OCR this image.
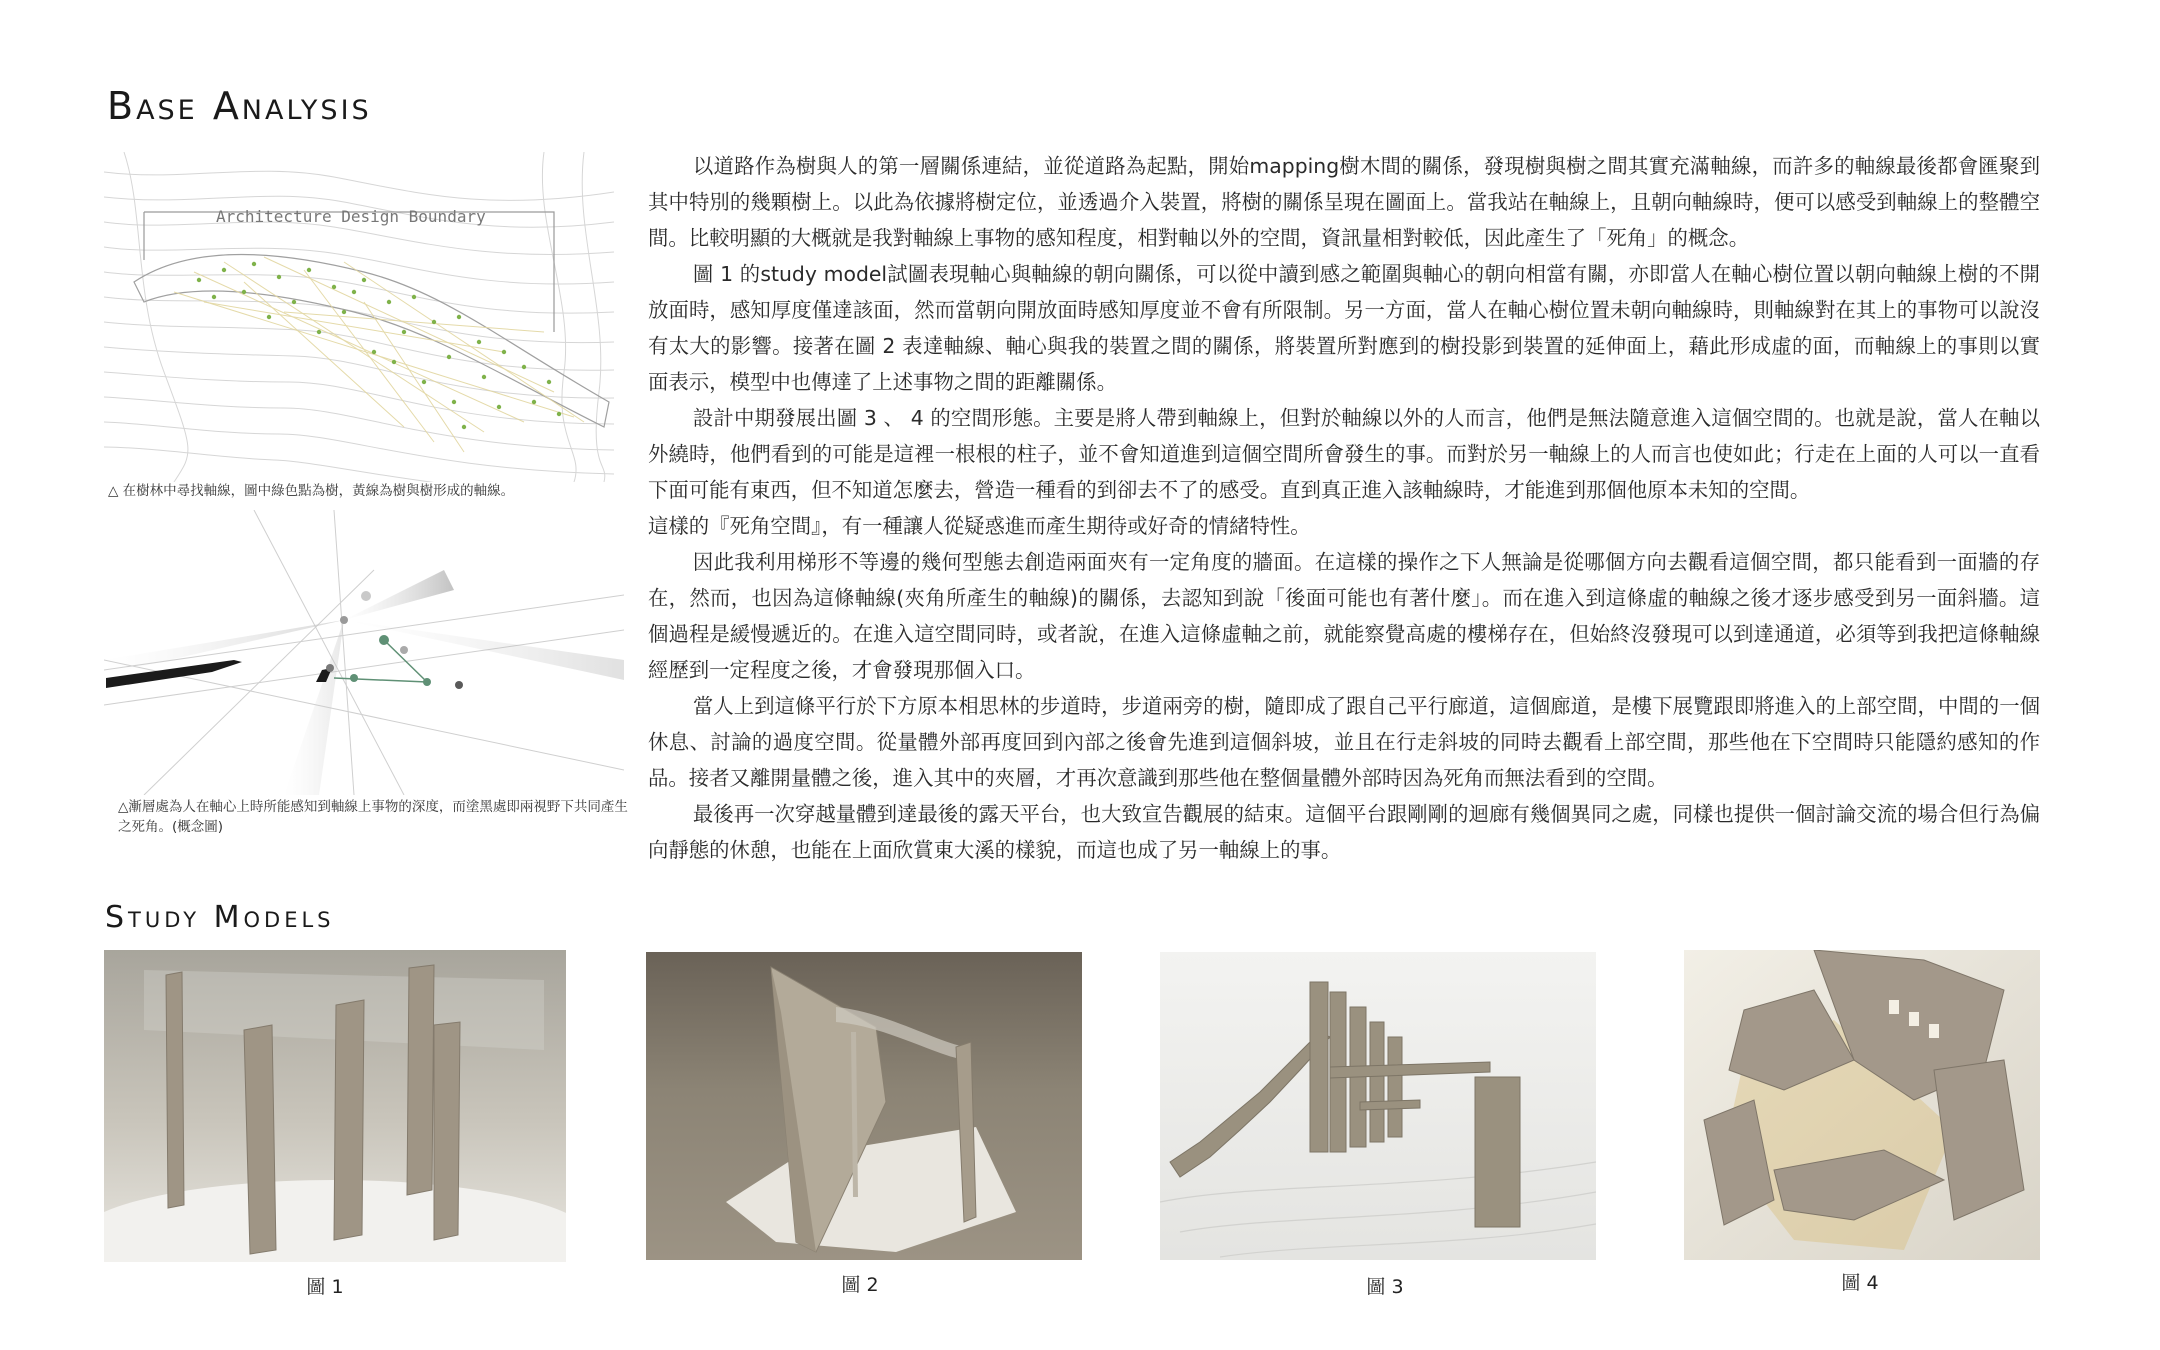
Base Analysis
Architecture Design Boundary
△ 在樹林中尋找軸線，圖中綠色點為樹，黃線為樹與樹形成的軸線。
△漸層處為人在軸心上時所能感知到軸線上事物的深度，而塗黑處即兩視野下共同產生之死角。(概念圖)

以道路作為樹與人的第一層關係連結，並從道路為起點，開始mapping樹木間的關係，發現樹與樹之間其實充滿軸線，而許多的軸線最後都會匯聚到其中特別的幾顆樹上。以此為依據將樹定位，並透過介入裝置，將樹的關係呈現在圖面上。當我站在軸線上，且朝向軸線時，便可以感受到軸線上的整體空間。比較明顯的大概就是我對軸線上事物的感知程度，相對軸以外的空間，資訊量相對較低，因此產生了「死角」的概念。

圖 1 的study model試圖表現軸心與軸線的朝向關係，可以從中讀到感之範圍與軸心的朝向相當有關，亦即當人在軸心樹位置以朝向軸線上樹的不開放面時，感知厚度僅達該面，然而當朝向開放面時感知厚度並不會有所限制。另一方面，當人在軸心樹位置未朝向軸線時，則軸線對在其上的事物可以說沒有太大的影響。接著在圖 2 表達軸線、軸心與我的裝置之間的關係，將裝置所對應到的樹投影到裝置的延伸面上，藉此形成虛的面，而軸線上的事則以實面表示，模型中也傳達了上述事物之間的距離關係。

設計中期發展出圖 3 、 4 的空間形態。主要是將人帶到軸線上，但對於軸線以外的人而言，他們是無法隨意進入這個空間的。也就是說，當人在軸以外繞時，他們看到的可能是這裡一根根的柱子，並不會知道進到這個空間所會發生的事。而對於另一軸線上的人而言也使如此；行走在上面的人可以一直看下面可能有東西，但不知道怎麼去，營造一種看的到卻去不了的感受。直到真正進入該軸線時，才能進到那個他原本未知的空間。

這樣的『死角空間』，有一種讓人從疑惑進而產生期待或好奇的情緒特性。

因此我利用梯形不等邊的幾何型態去創造兩面夾有一定角度的牆面。在這樣的操作之下人無論是從哪個方向去觀看這個空間，都只能看到一面牆的存在，然而，也因為這條軸線(夾角所產生的軸線)的關係，去認知到說「後面可能也有著什麼」。而在進入到這條虛的軸線之後才逐步感受到另一面斜牆。這個過程是緩慢遞近的。在進入這空間同時，或者說，在進入這條虛軸之前，就能察覺高處的樓梯存在，但始終沒發現可以到達通道，必須等到我把這條軸線經歷到一定程度之後，才會發現那個入口。

當人上到這條平行於下方原本相思林的步道時，步道兩旁的樹，隨即成了跟自己平行廊道，這個廊道，是樓下展覽跟即將進入的上部空間，中間的一個休息、討論的過度空間。從量體外部再度回到內部之後會先進到這個斜坡，並且在行走斜坡的同時去觀看上部空間，那些他在下空間時只能隱約感知的作品。接者又離開量體之後，進入其中的夾層，才再次意識到那些他在整個量體外部時因為死角而無法看到的空間。

最後再一次穿越量體到達最後的露天平台，也大致宣告觀展的結束。這個平台跟剛剛的迴廊有幾個異同之處，同樣也提供一個討論交流的場合但行為偏向靜態的休憩，也能在上面欣賞東大溪的樣貌，而這也成了另一軸線上的事。

Study Models
圖 1	圖 2	圖 3	圖 4
